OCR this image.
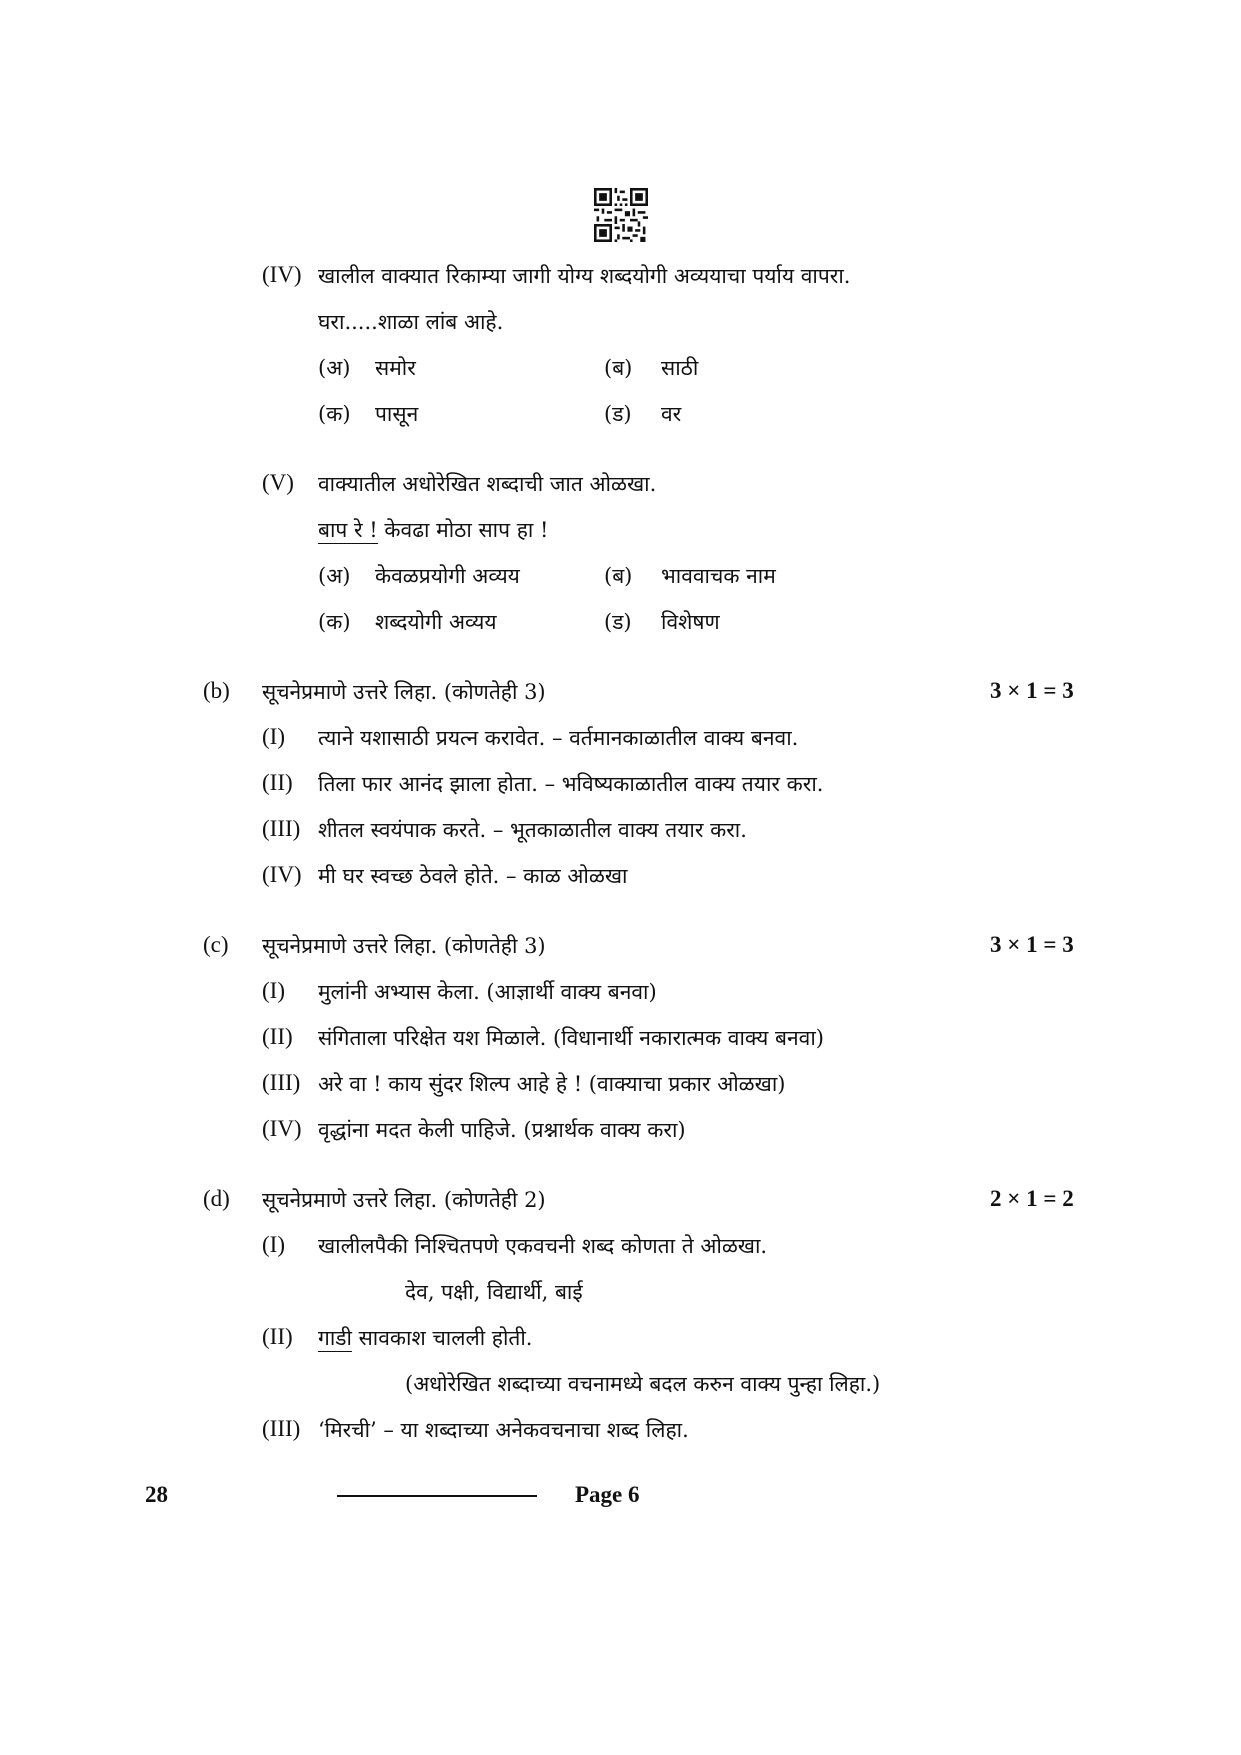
(IV) खालील वाक्यात रिकाम्या जागी योग्य शब्दयोगी अव्ययाचा पर्याय वापरा.
घरा.....शाळा लांब आहे.
(अ) समोर	(ब) साठी
(क) पासून	(ड) वर
(V) वाक्यातील अधोरेखित शब्दाची जात ओळखा.
बाप रे ! केवढा मोठा साप हा !
(अ) केवळप्रयोगी अव्यय	(ब) भाववाचक नाम
(क) शब्दयोगी अव्यय	(ड) विशेषण
(b) सूचनेप्रमाणे उत्तरे लिहा. (कोणतेही 3)	3 × 1 = 3
(I) त्याने यशासाठी प्रयत्न करावेत. – वर्तमानकाळातील वाक्य बनवा.
(II) तिला फार आनंद झाला होता. – भविष्यकाळातील वाक्य तयार करा.
(III) शीतल स्वयंपाक करते. – भूतकाळातील वाक्य तयार करा.
(IV) मी घर स्वच्छ ठेवले होते. – काळ ओळखा
(c) सूचनेप्रमाणे उत्तरे लिहा. (कोणतेही 3)	3 × 1 = 3
(I) मुलांनी अभ्यास केला. (आज्ञार्थी वाक्य बनवा)
(II) संगिताला परिक्षेत यश मिळाले. (विधानार्थी नकारात्मक वाक्य बनवा)
(III) अरे वा ! काय सुंदर शिल्प आहे हे ! (वाक्याचा प्रकार ओळखा)
(IV) वृद्धांना मदत केली पाहिजे. (प्रश्नार्थक वाक्य करा)
(d) सूचनेप्रमाणे उत्तरे लिहा. (कोणतेही 2)	2 × 1 = 2
(I) खालीलपैकी निश्चितपणे एकवचनी शब्द कोणता ते ओळखा.
देव, पक्षी, विद्यार्थी, बाई
(II) गाडी सावकाश चालली होती.
(अधोरेखित शब्दाच्या वचनामध्ये बदल करुन वाक्य पुन्हा लिहा.)
(III) ‘मिरची’ – या शब्दाच्या अनेकवचनाचा शब्द लिहा.
28	Page 6
